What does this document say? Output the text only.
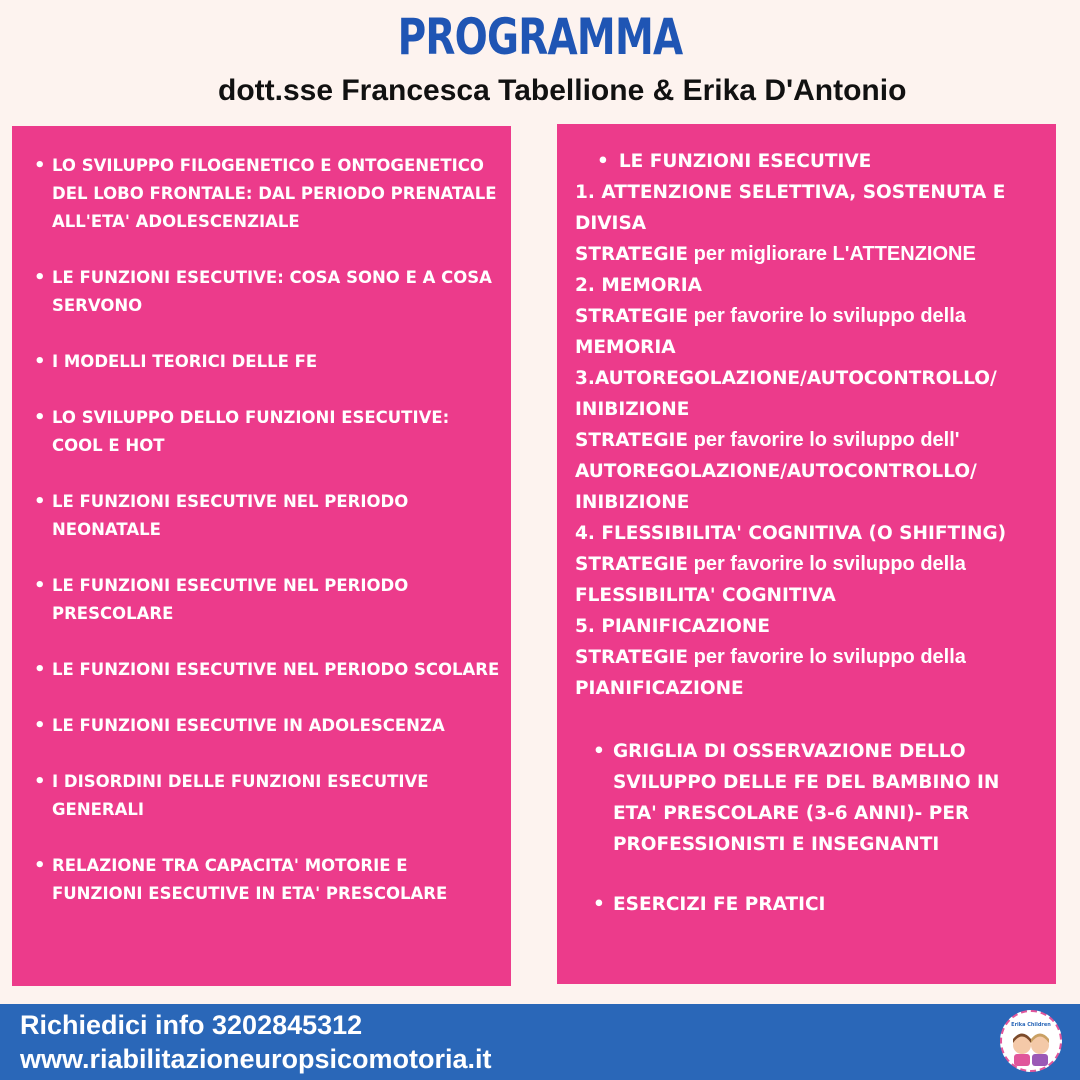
PROGRAMMA
dott.sse Francesca Tabellione & Erika D'Antonio
• LO SVILUPPO FILOGENETICO E ONTOGENETICO DEL LOBO FRONTALE: DAL PERIODO PRENATALE ALL'ETA' ADOLESCENZIALE
• LE FUNZIONI ESECUTIVE: COSA SONO E A COSA SERVONO
• I MODELLI TEORICI DELLE FE
• LO SVILUPPO DELLO FUNZIONI ESECUTIVE: COOL E HOT
• LE FUNZIONI ESECUTIVE NEL PERIODO NEONATALE
• LE FUNZIONI ESECUTIVE NEL PERIODO PRESCOLARE
• LE FUNZIONI ESECUTIVE NEL PERIODO SCOLARE
• LE FUNZIONI ESECUTIVE IN ADOLESCENZA
• I DISORDINI DELLE FUNZIONI ESECUTIVE GENERALI
• RELAZIONE TRA CAPACITA' MOTORIE E FUNZIONI ESECUTIVE IN ETA' PRESCOLARE
• LE FUNZIONI ESECUTIVE
1. ATTENZIONE SELETTIVA, SOSTENUTA E
DIVISA
STRATEGIE per migliorare L'ATTENZIONE
2. MEMORIA
STRATEGIE per favorire lo sviluppo della
MEMORIA
3.AUTOREGOLAZIONE/AUTOCONTROLLO/
INIBIZIONE
STRATEGIE per favorire lo sviluppo dell'
AUTOREGOLAZIONE/AUTOCONTROLLO/
INIBIZIONE
4. FLESSIBILITA' COGNITIVA (O SHIFTING)
STRATEGIE per favorire lo sviluppo della
FLESSIBILITA' COGNITIVA
5. PIANIFICAZIONE
STRATEGIE per favorire lo sviluppo della
PIANIFICAZIONE
• GRIGLIA DI OSSERVAZIONE DELLO SVILUPPO DELLE FE DEL BAMBINO IN ETA' PRESCOLARE (3-6 ANNI)- PER PROFESSIONISTI E INSEGNANTI
• ESERCIZI FE PRATICI
Richiedici info 3202845312
www.riabilitazioneuropsicomotoria.it
Erika Children
